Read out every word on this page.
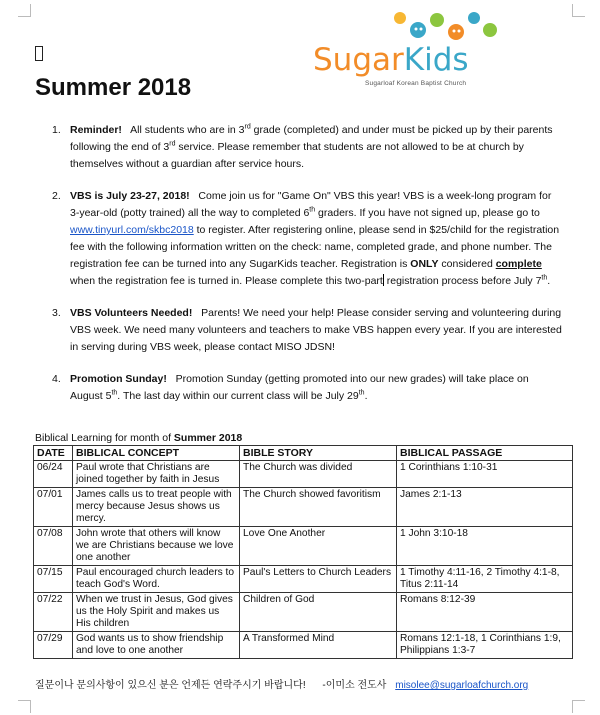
Summer 2018
SugarKids
Sugarloaf Korean Baptist Church
1. Reminder! All students who are in 3rd grade (completed) and under must be picked up by their parents following the end of 3rd service. Please remember that students are not allowed to be at church by themselves without a guardian after service hours.
2. VBS is July 23-27, 2018! Come join us for "Game On" VBS this year! VBS is a week-long program for 3-year-old (potty trained) all the way to completed 6th graders. If you have not signed up, please go to www.tinyurl.com/skbc2018 to register. After registering online, please send in $25/child for the registration fee with the following information written on the check: name, completed grade, and phone number. The registration fee can be turned into any SugarKids teacher. Registration is ONLY considered complete when the registration fee is turned in. Please complete this two-part registration process before July 7th.
3. VBS Volunteers Needed! Parents! We need your help! Please consider serving and volunteering during VBS week. We need many volunteers and teachers to make VBS happen every year. If you are interested in serving during VBS week, please contact MISO JDSN!
4. Promotion Sunday! Promotion Sunday (getting promoted into our new grades) will take place on August 5th. The last day within our current class will be July 29th.
Biblical Learning for month of Summer 2018
DATE	BIBLICAL CONCEPT	BIBLE STORY	BIBLICAL PASSAGE
06/24	Paul wrote that Christians are joined together by faith in Jesus	The Church was divided	1 Corinthians 1:10-31
07/01	James calls us to treat people with mercy because Jesus shows us mercy.	The Church showed favoritism	James 2:1-13
07/08	John wrote that others will know we are Christians because we love one another	Love One Another	1 John 3:10-18
07/15	Paul encouraged church leaders to teach God's Word.	Paul's Letters to Church Leaders	1 Timothy 4:11-16, 2 Timothy 4:1-8, Titus 2:11-14
07/22	When we trust in Jesus, God gives us the Holy Spirit and makes us His children	Children of God	Romans 8:12-39
07/29	God wants us to show friendship and love to one another	A Transformed Mind	Romans 12:1-18, 1 Corinthians 1:9, Philippians 1:3-7
질문이나 문의사항이 있으신 분은 언제든 연락주시기 바랍니다! -이미소 전도사 misolee@sugarloafchurch.org
